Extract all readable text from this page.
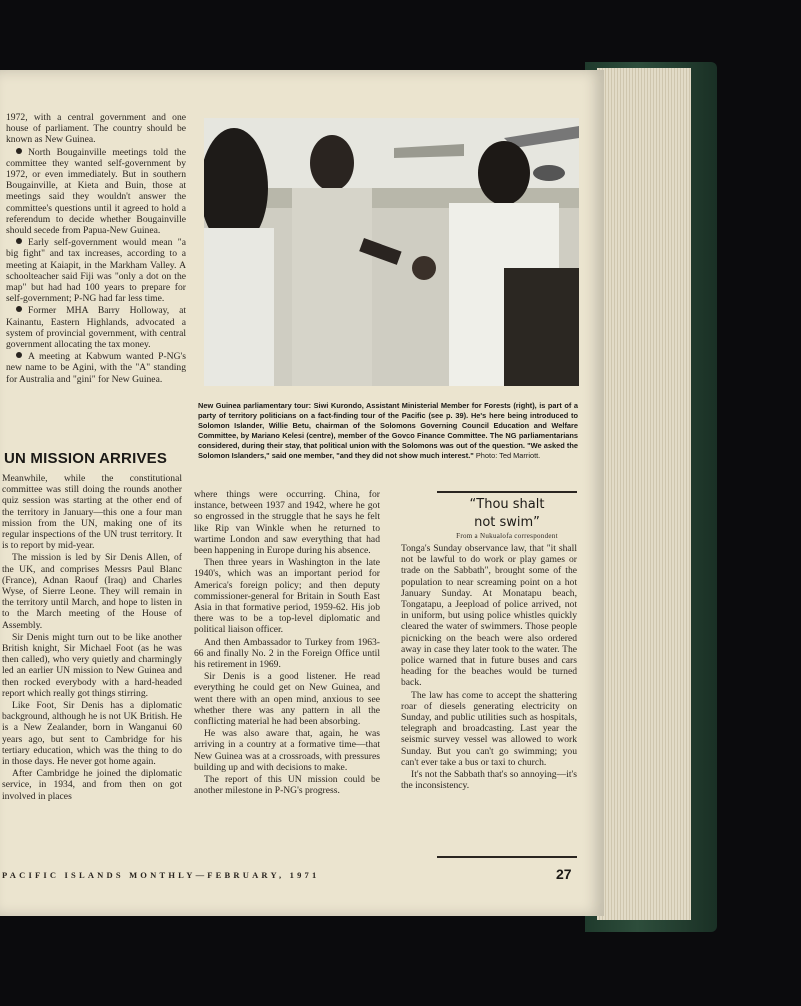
1972, with a central government and one house of parliament. The country should be known as New Guinea.

North Bougainville meetings told the committee they wanted self-government by 1972, or even immediately. But in southern Bougainville, at Kieta and Buin, those at meetings said they wouldn't answer the committee's questions until it agreed to hold a referendum to decide whether Bougainville should secede from Papua-New Guinea.

Early self-government would mean "a big fight" and tax increases, according to a meeting at Kaiapit, in the Markham Valley. A schoolteacher said Fiji was "only a dot on the map" but had had 100 years to prepare for self-government; P-NG had far less time.

Former MHA Barry Holloway, at Kainantu, Eastern Highlands, advocated a system of provincial government, with central government allocating the tax money.

A meeting at Kabwum wanted P-NG's new name to be Agini, with the "A" standing for Australia and "gini" for New Guinea.

UN MISSION ARRIVES

Meanwhile, while the constitutional committee was still doing the rounds another quiz session was starting at the other end of the territory in January—this one a four man mission from the UN, making one of its regular inspections of the UN trust territory. It is to report by mid-year.

The mission is led by Sir Denis Allen, of the UK, and comprises Messrs Paul Blanc (France), Adnan Raouf (Iraq) and Charles Wyse, of Sierre Leone. They will remain in the territory until March, and hope to listen in to the March meeting of the House of Assembly.

Sir Denis might turn out to be like another British knight, Sir Michael Foot (as he was then called), who very quietly and charmingly led an earlier UN mission to New Guinea and then rocked everybody with a hard-headed report which really got things stirring.

Like Foot, Sir Denis has a diplomatic background, although he is not UK British. He is a New Zealander, born in Wanganui 60 years ago, but sent to Cambridge for his tertiary education, which was the thing to do in those days. He never got home again.

After Cambridge he joined the diplomatic service, in 1934, and from then on got involved in places

New Guinea parliamentary tour: Siwi Kurondo, Assistant Ministerial Member for Forests (right), is part of a party of territory politicians on a fact-finding tour of the Pacific (see p. 39). He's here being introduced to Solomon Islander, Willie Betu, chairman of the Solomons Governing Council Education and Welfare Committee, by Mariano Kelesi (centre), member of the Govco Finance Committee. The NG parliamentarians considered, during their stay, that political union with the Solomons was out of the question. "We asked the Solomon Islanders," said one member, "and they did not show much interest." Photo: Ted Marriott.

where things were occurring. China, for instance, between 1937 and 1942, where he got so engrossed in the struggle that he says he felt like Rip van Winkle when he returned to wartime London and saw everything that had been happening in Europe during his absence.

Then three years in Washington in the late 1940's, which was an important period for America's foreign policy; and then deputy commissioner-general for Britain in South East Asia in that formative period, 1959-62. His job there was to be a top-level diplomatic and political liaison officer.

And then Ambassador to Turkey from 1963-66 and finally No. 2 in the Foreign Office until his retirement in 1969.

Sir Denis is a good listener. He read everything he could get on New Guinea, and went there with an open mind, anxious to see whether there was any pattern in all the conflicting material he had been absorbing.

He was also aware that, again, he was arriving in a country at a formative time—that New Guinea was at a crossroads, with pressures building up and with decisions to make.

The report of this UN mission could be another milestone in P-NG's progress.

“Thou shalt
not swim”
From a Nukualofa correspondent

Tonga's Sunday observance law, that "it shall not be lawful to do work or play games or trade on the Sabbath", brought some of the population to near screaming point on a hot January Sunday. At Monatapu beach, Tongatapu, a Jeepload of police arrived, not in uniform, but using police whistles quickly cleared the water of swimmers. Those people picnicking on the beach were also ordered away in case they later took to the water. The police warned that in future buses and cars heading for the beaches would be turned back.

The law has come to accept the shattering roar of diesels generating electricity on Sunday, and public utilities such as hospitals, telegraph and broadcasting. Last year the seismic survey vessel was allowed to work Sunday. But you can't go swimming; you can't ever take a bus or taxi to church.

It's not the Sabbath that's so annoying—it's the inconsistency.

PACIFIC ISLANDS MONTHLY—FEBRUARY, 1971	27
